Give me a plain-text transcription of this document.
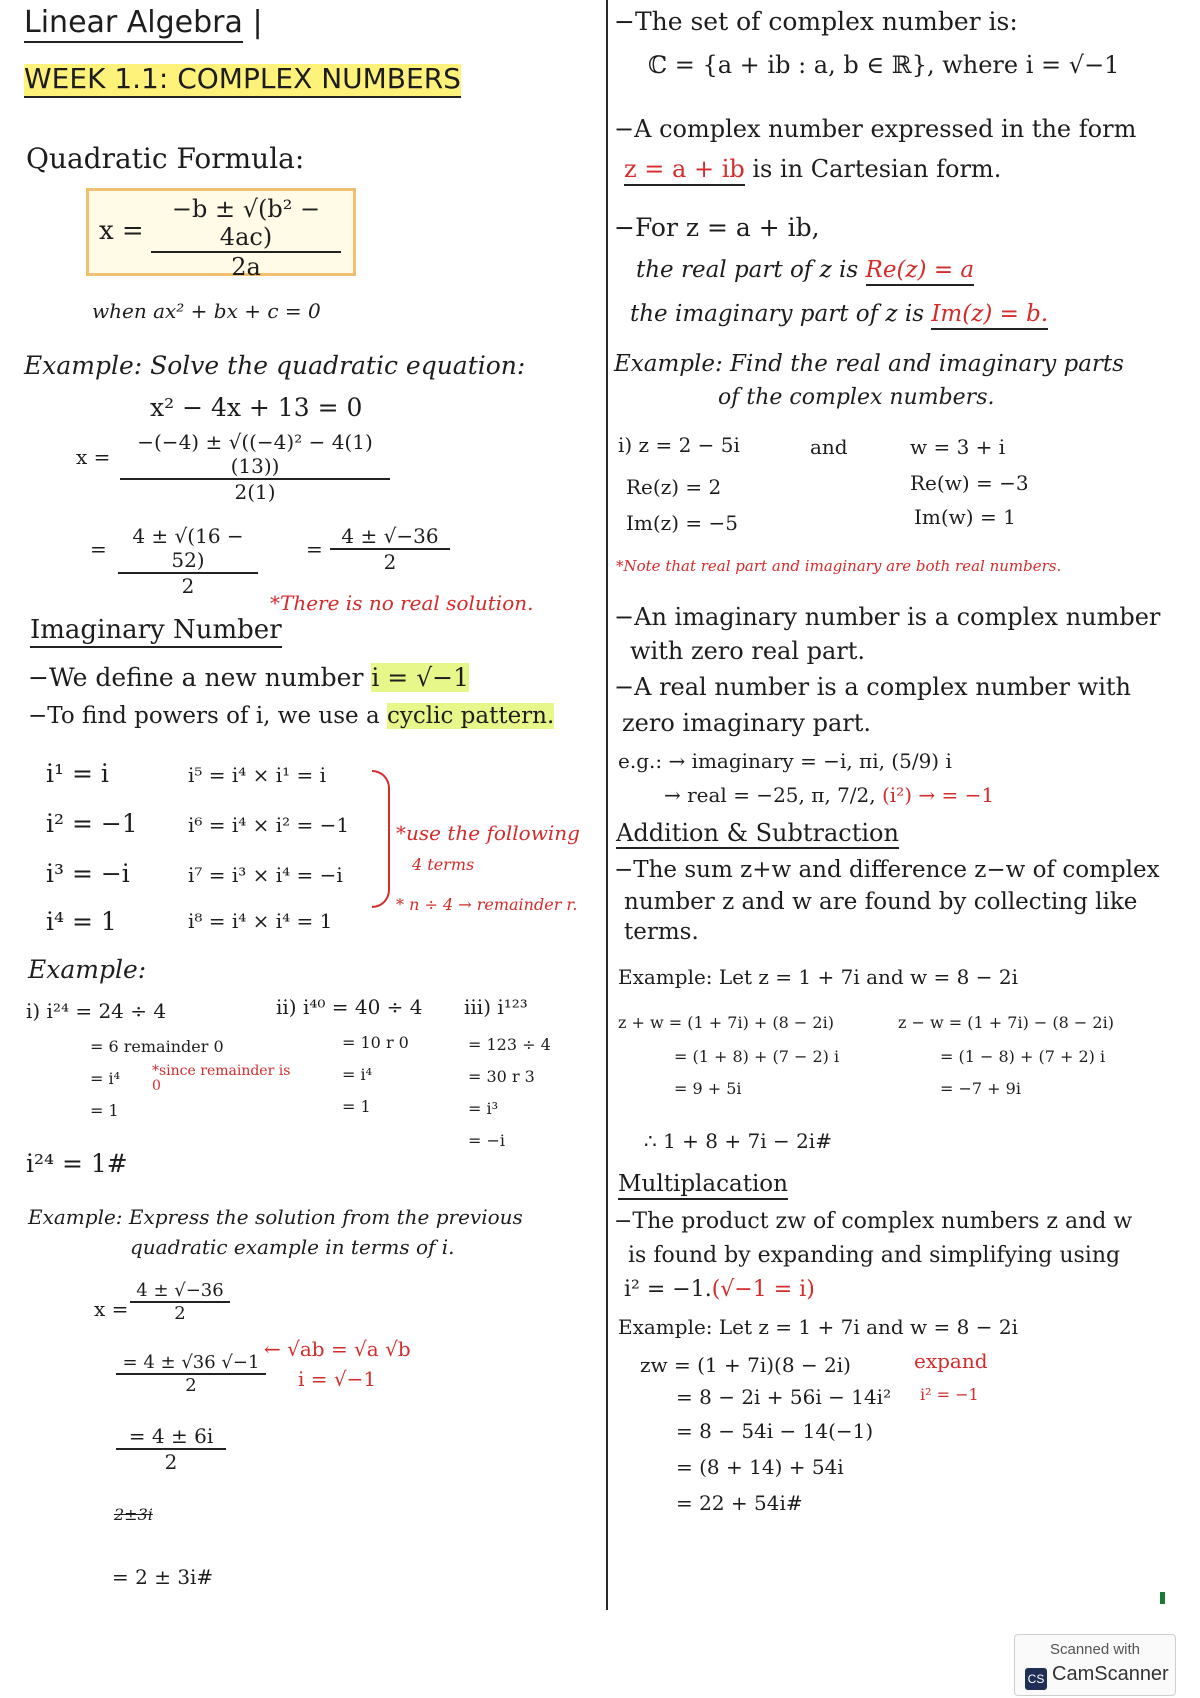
Linear Algebra |
WEEK 1.1: COMPLEX NUMBERS
Quadratic Formula:
$x = \frac{\text{−b ± √(b² − 4ac)}}{2a}$
when ax² + bx + c = 0
Example: Solve the quadratic equation:
x² − 4x + 13 = 0
$x = \frac{\text{−(−4) ± √((−4)² − 4(1)(13))}}{2(1)}$
= $\frac{4 \pm √(16 - 52)}{2} = \frac{4 \pm √-36}{2}$
*There is no real solution.
Imaginary Number
−We define a new number i = √−1
−To find powers of i, we use a cyclic pattern.
i¹ = i
i² = −1
i³ = −i
i⁴ = 1
i⁵ = i⁴ × i¹ = i
i⁶ = i⁴ × i² = −1
i⁷ = i³ × i⁴ = −i
i⁸ = i⁴ × i⁴ = 1
*use the following
4 terms
* n ÷ 4 → remainder r.
Example:
i) i²⁴ = 24 ÷ 4
= 6 remainder 0
= i⁴
= 1
*since remainder is 0
ii) i⁴⁰ = 40 ÷ 4
= 10 r 0
= i⁴
= 1
iii) i¹²³
= 123 ÷ 4
= 30 r 3
= i³
= −i
i²⁴ = 1#
Example: Express the solution from the previous
quadratic example in terms of i.
$x = \frac{4 \pm √-36}{2}$
$\frac{= 4 \pm √36 √-1}{2}$
← √ab = √a √b
i = √−1
$\frac{= 4 \pm 6i}{2}$
2±3i
= 2 ± 3i#
−The set of complex number is:
ℂ = {a + ib : a, b ∈ ℝ}, where i = √−1
−A complex number expressed in the form
z = a + ib is in Cartesian form.
−For z = a + ib,
the real part of z is Re(z) = a
the imaginary part of z is Im(z) = b.
Example: Find the real and imaginary parts
of the complex numbers.
i) z = 2 − 5i	and	w = 3 + i
Re(z) = 2
Im(z) = −5
Re(w) = −3
Im(w) = 1
*Note that real part and imaginary are both real numbers.
−An imaginary number is a complex number
with zero real part.
−A real number is a complex number with
zero imaginary part.
e.g.: → imaginary = −i, πi, (5/9) i
→ real = −25, π, 7/2, (i²) → = −1
Addition & Subtraction
−The sum z+w and difference z−w of complex
number z and w are found by collecting like
terms.
Example: Let z = 1 + 7i and w = 8 − 2i
z + w = (1 + 7i) + (8 − 2i)
= (1 + 8) + (7 − 2) i
= 9 + 5i
z − w = (1 + 7i) − (8 − 2i)
= (1 − 8) + (7 + 2) i
= −7 + 9i
∴ 1 + 8 + 7i − 2i#
Multiplacation
−The product zw of complex numbers z and w
is found by expanding and simplifying using
i² = −1.(√−1 = i)
Example: Let z = 1 + 7i and w = 8 − 2i
zw = (1 + 7i)(8 − 2i)
= 8 − 2i + 56i − 14i²
= 8 − 54i − 14(−1)
= (8 + 14) + 54i
= 22 + 54i#
expand
i² = −1
Scanned with
CS CamScanner
